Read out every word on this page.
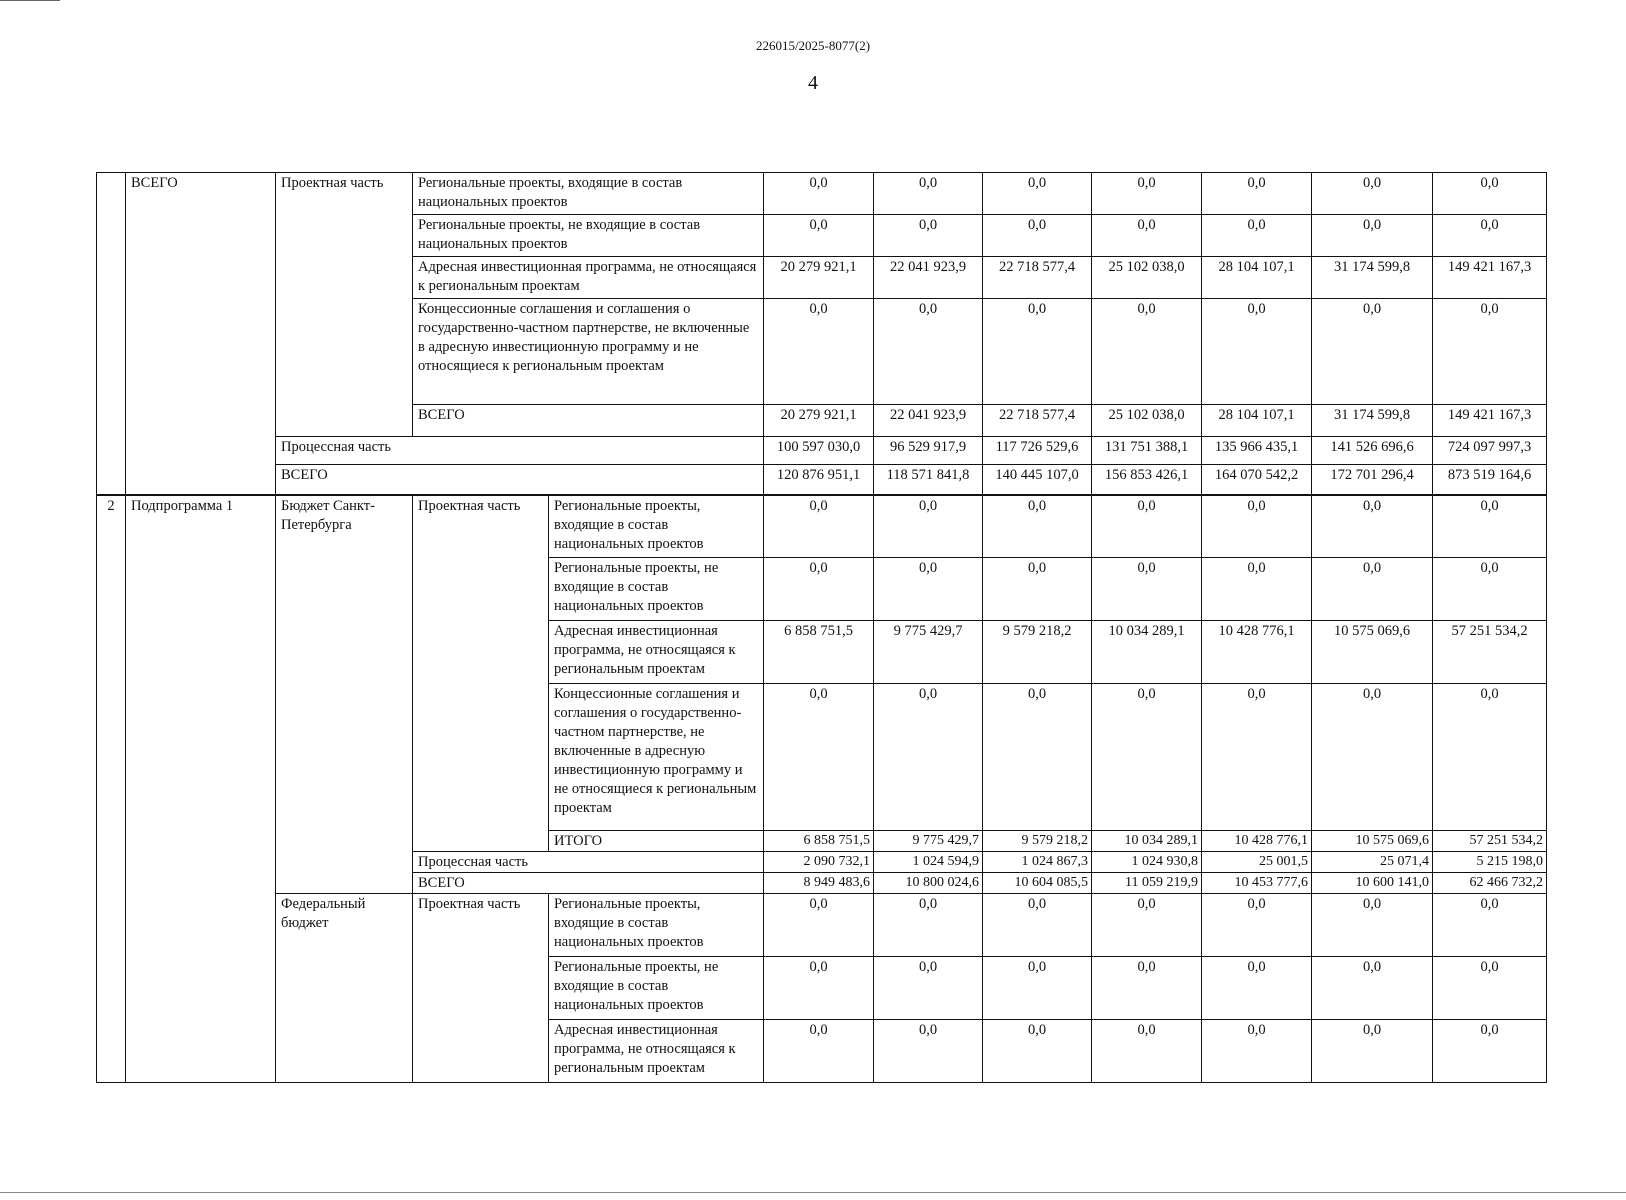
226015/2025-8077(2)
4
	ВСЕГО	Проектная часть	Региональные проекты, входящие в состав национальных проектов		0,0	0,0	0,0	0,0	0,0	0,0	0,0
			Региональные проекты, не входящие в состав национальных проектов		0,0	0,0	0,0	0,0	0,0	0,0	0,0
			Адресная инвестиционная программа, не относящаяся к региональным проектам		20 279 921,1	22 041 923,9	22 718 577,4	25 102 038,0	28 104 107,1	31 174 599,8	149 421 167,3
			Концессионные соглашения и соглашения о государственно-частном партнерстве, не включенные в адресную инвестиционную программу и не относящиеся к региональным проектам		0,0	0,0	0,0	0,0	0,0	0,0	0,0
			ВСЕГО		20 279 921,1	22 041 923,9	22 718 577,4	25 102 038,0	28 104 107,1	31 174 599,8	149 421 167,3
		Процессная часть			100 597 030,0	96 529 917,9	117 726 529,6	131 751 388,1	135 966 435,1	141 526 696,6	724 097 997,3
		ВСЕГО			120 876 951,1	118 571 841,8	140 445 107,0	156 853 426,1	164 070 542,2	172 701 296,4	873 519 164,6
2	Подпрограмма 1	Бюджет Санкт-Петербурга	Проектная часть	Региональные проекты, входящие в состав национальных проектов	0,0	0,0	0,0	0,0	0,0	0,0	0,0
				Региональные проекты, не входящие в состав национальных проектов	0,0	0,0	0,0	0,0	0,0	0,0	0,0
				Адресная инвестиционная программа, не относящаяся к региональным проектам	6 858 751,5	9 775 429,7	9 579 218,2	10 034 289,1	10 428 776,1	10 575 069,6	57 251 534,2
				Концессионные соглашения и соглашения о государственно-частном партнерстве, не включенные в адресную инвестиционную программу и не относящиеся к региональным проектам	0,0	0,0	0,0	0,0	0,0	0,0	0,0
				ИТОГО	6 858 751,5	9 775 429,7	9 579 218,2	10 034 289,1	10 428 776,1	10 575 069,6	57 251 534,2
			Процессная часть		2 090 732,1	1 024 594,9	1 024 867,3	1 024 930,8	25 001,5	25 071,4	5 215 198,0
			ВСЕГО		8 949 483,6	10 800 024,6	10 604 085,5	11 059 219,9	10 453 777,6	10 600 141,0	62 466 732,2
		Федеральный бюджет	Проектная часть	Региональные проекты, входящие в состав национальных проектов	0,0	0,0	0,0	0,0	0,0	0,0	0,0
				Региональные проекты, не входящие в состав национальных проектов	0,0	0,0	0,0	0,0	0,0	0,0	0,0
				Адресная инвестиционная программа, не относящаяся к региональным проектам	0,0	0,0	0,0	0,0	0,0	0,0	0,0
